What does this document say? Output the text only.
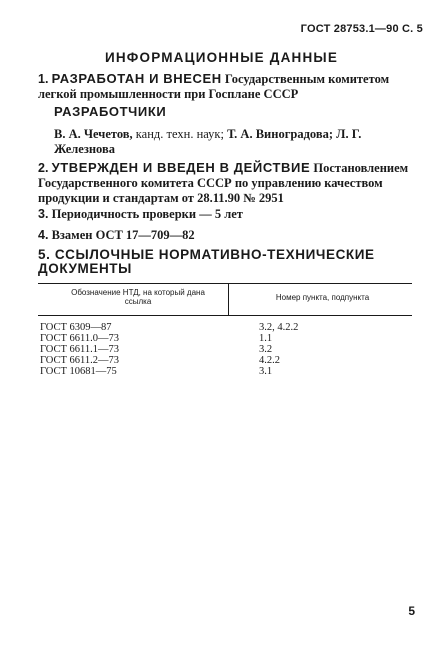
ГОСТ 28753.1—90 С. 5
ИНФОРМАЦИОННЫЕ ДАННЫЕ
1. РАЗРАБОТАН И ВНЕСЕН Государственным комитетом легкой промышленности при Госплане СССР
РАЗРАБОТЧИКИ
В. А. Чечетов, канд. техн. наук; Т. А. Виноградова; Л. Г. Железнова
2. УТВЕРЖДЕН И ВВЕДЕН В ДЕЙСТВИЕ Постановлением Государственного комитета СССР по управлению качеством продукции и стандартам от 28.11.90 № 2951
3. Периодичность проверки — 5 лет
4. Взамен ОСТ 17—709—82
5. ССЫЛОЧНЫЕ НОРМАТИВНО-ТЕХНИЧЕСКИЕ ДОКУМЕНТЫ
Обозначение НТД, на который дана ссылка	Номер пункта, подпункта
ГОСТ 6309—87	3.2, 4.2.2
ГОСТ 6611.0—73	1.1
ГОСТ 6611.1—73	3.2
ГОСТ 6611.2—73	4.2.2
ГОСТ 10681—75	3.1
5
